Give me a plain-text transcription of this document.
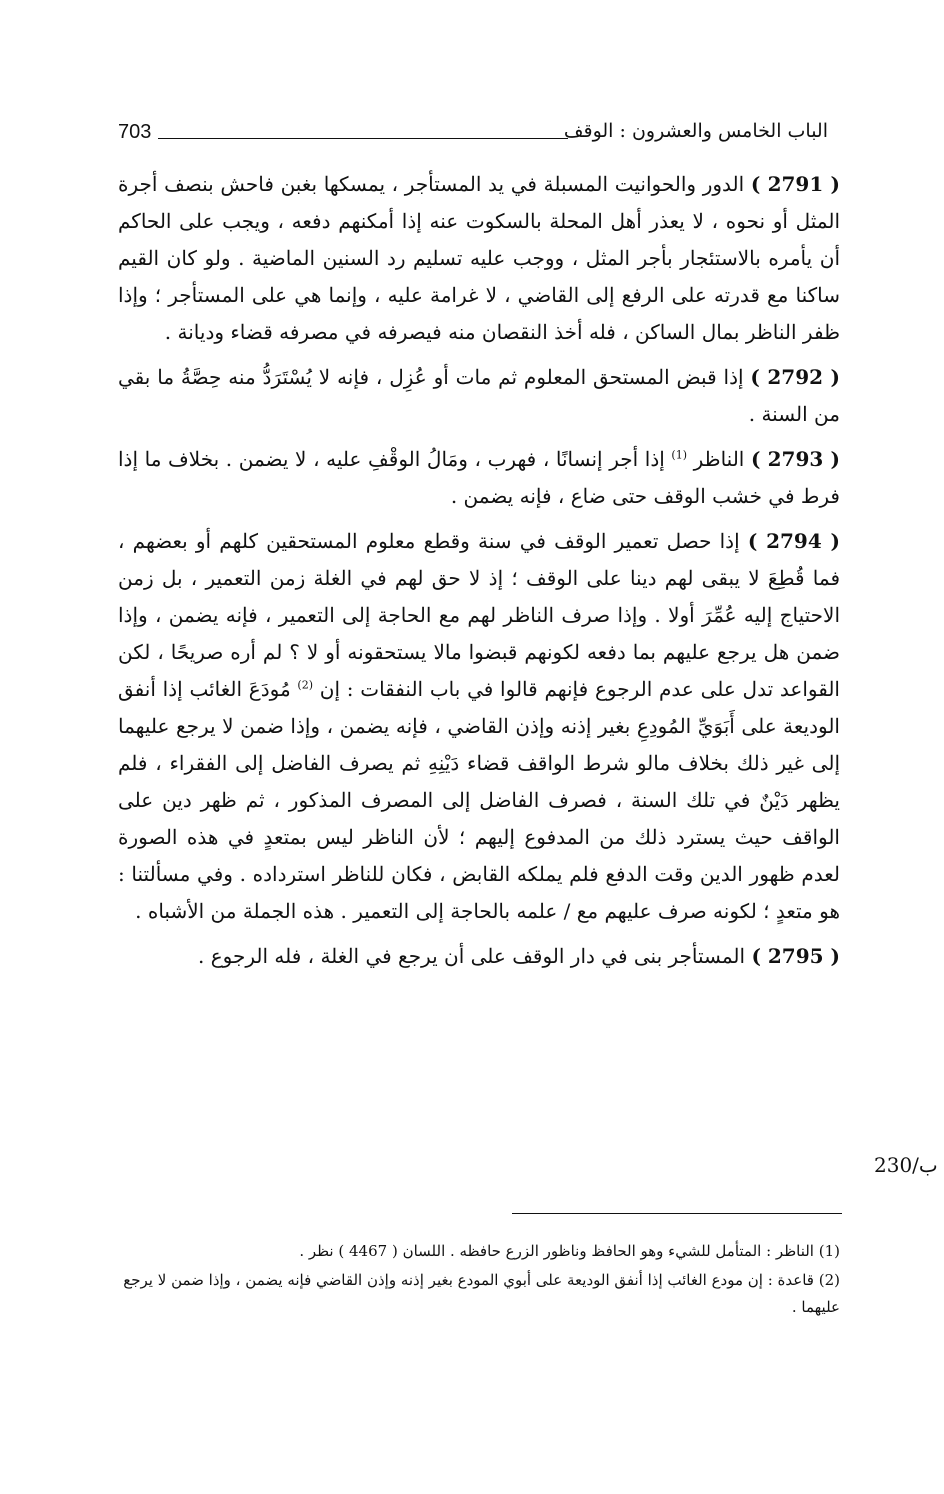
703	الباب الخامس والعشرون : الوقف

( 2791 ) الدور والحوانيت المسبلة في يد المستأجر ، يمسكها بغبن فاحش بنصف أجرة المثل أو نحوه ، لا يعذر أهل المحلة بالسكوت عنه إذا أمكنهم دفعه ، ويجب على الحاكم أن يأمره بالاستئجار بأجر المثل ، ووجب عليه تسليم رد السنين الماضية . ولو كان القيم ساكنا مع قدرته على الرفع إلى القاضي ، لا غرامة عليه ، وإنما هي على المستأجر ؛ وإذا ظفر الناظر بمال الساكن ، فله أخذ النقصان منه فيصرفه في مصرفه قضاء وديانة .

( 2792 ) إذا قبض المستحق المعلوم ثم مات أو عُزِل ، فإنه لا يُسْتَرَدُّ منه حِصَّةُ ما بقي من السنة .

( 2793 ) الناظر $^{(1)}$ إذا أجر إنسانًا ، فهرب ، ومَالُ الوقْفِ عليه ، لا يضمن . بخلاف ما إذا فرط في خشب الوقف حتى ضاع ، فإنه يضمن .

( 2794 ) إذا حصل تعمير الوقف في سنة وقطع معلوم المستحقين كلهم أو بعضهم ، فما قُطِعَ لا يبقى لهم دينا على الوقف ؛ إذ لا حق لهم في الغلة زمن التعمير ، بل زمن الاحتياج إليه عُمِّرَ أولا . وإذا صرف الناظر لهم مع الحاجة إلى التعمير ، فإنه يضمن ، وإذا ضمن هل يرجع عليهم بما دفعه لكونهم قبضوا مالا يستحقونه أو لا ؟ لم أره صريحًا ، لكن القواعد تدل على عدم الرجوع فإنهم قالوا في باب النفقات : إن $^{(2)}$ مُودَعَ الغائب إذا أنفق الوديعة على أَبَوَيِّ المُودِعِ بغير إذنه وإذن القاضي ، فإنه يضمن ، وإذا ضمن لا يرجع عليهما إلى غير ذلك بخلاف مالو شرط الواقف قضاء دَيْنِهِ ثم يصرف الفاضل إلى الفقراء ، فلم يظهر دَيْنٌ في تلك السنة ، فصرف الفاضل إلى المصرف المذكور ، ثم ظهر دين على الواقف حيث يسترد ذلك من المدفوع إليهم ؛ لأن الناظر ليس بمتعدٍ في هذه الصورة لعدم ظهور الدين وقت الدفع فلم يملكه القابض ، فكان للناظر استرداده . وفي مسألتنا : هو متعدٍ ؛ لكونه صرف عليهم مع / علمه بالحاجة إلى التعمير . هذه الجملة من الأشباه .

( 2795 ) المستأجر بنى في دار الوقف على أن يرجع في الغلة ، فله الرجوع .

230/ب

(1) الناظر : المتأمل للشيء وهو الحافظ وناظور الزرع حافظه . اللسان ( 4467 ) نظر .

(2) قاعدة : إن مودع الغائب إذا أنفق الوديعة على أبوي المودع بغير إذنه وإذن القاضي فإنه يضمن ، وإذا ضمن لا يرجع عليهما .
